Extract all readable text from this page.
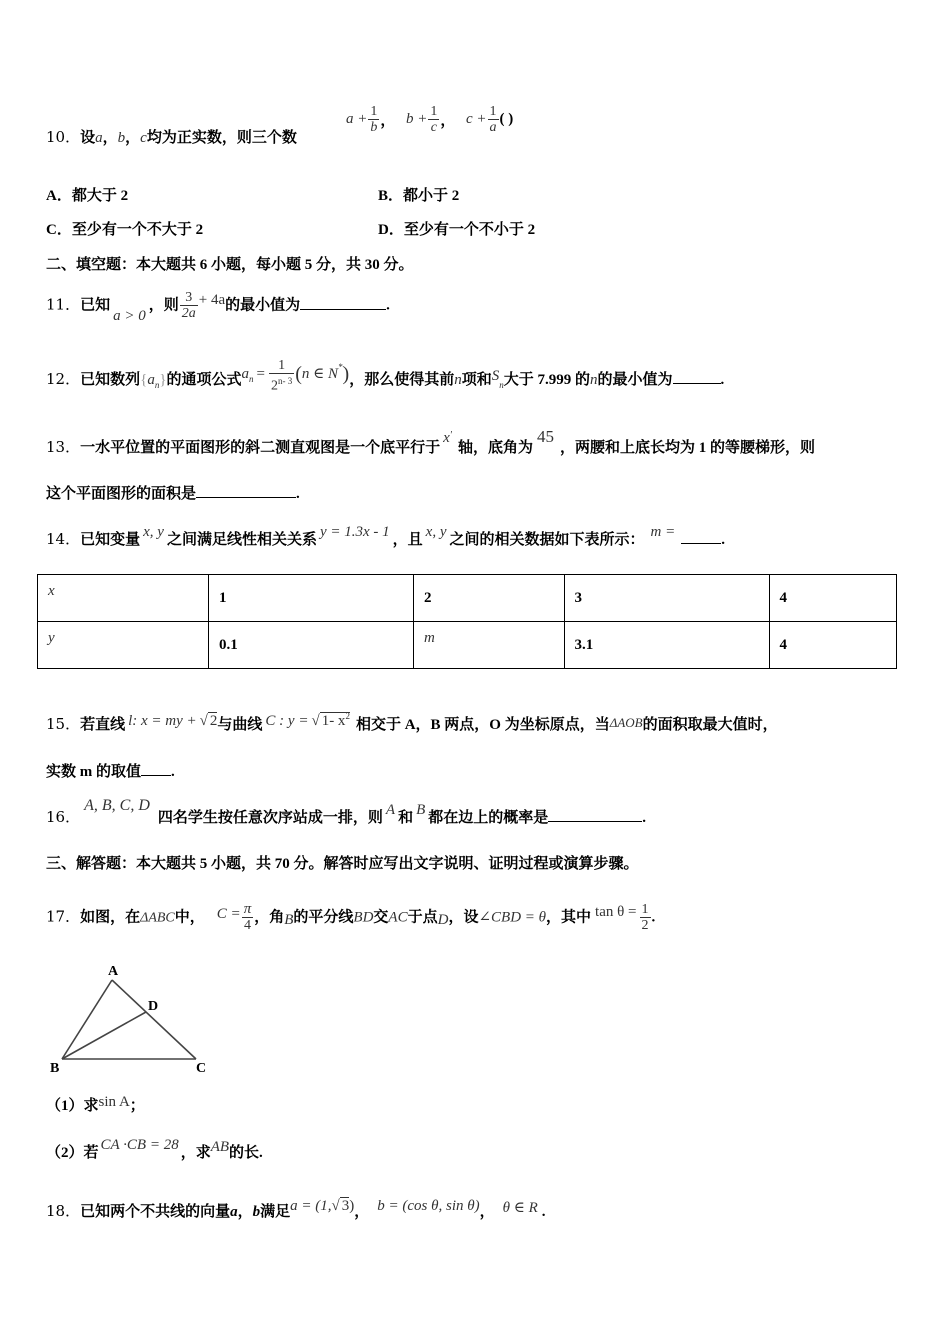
10．设a，b，c均为正实数，则三个数
$a + \frac{1}{b}$ ， $b + \frac{1}{c}$ ， $c + \frac{1}{a}$ ( )
A．都大于 2	B．都小于 2
C．至少有一个不大于 2	D．至少有一个不小于 2
二、填空题：本大题共 6 小题，每小题 5 分，共 30 分。
11．已知a > 0，则 $\frac{3}{2a} + 4a$的最小值为	.
12．已知数列$\{a_n\}$的通项公式$a_n = \frac{1}{2^{n- 3}} (n$ ∈ N*)，那么使得其前n项和$S_n$大于 7.999 的n的最小值为	.
13．一水平位置的平面图形的斜二测直观图是一个底平行于x′轴，底角为45，两腰和上底长均为 1 的等腰梯形，则
这个平面图形的面积是	.
14．已知变量 x, y 之间满足线性相关关系 y = 1.3x - 1 ，且 x, y 之间的相关数据如下表所示： m =	.
x	1	2	3	4
y	0.1	m	3.1	4
15．若直线 l: x = my + √ 2与曲线 C : y = √ 1- $x^2$相交于 A，B 两点，O 为坐标原点，当ΔAOB的面积取最大值时，
实数 m 的取值 .
16．A, B, C, D四名学生按任意次序站成一排，则 A 和 B 都在边上的概率是	.
三、解答题：本大题共 5 小题，共 70 分。解答时应写出文字说明、证明过程或演算步骤。
17．如图，在ΔABC中， $C = \frac{\pi}{4}$ ，角B的平分线BD交AC于点D，设∠CBD = θ，其中 $\tan \theta = \frac{1}{2}$ .
A
D
B	C
（1）求sin A；
（2）若 CA ·CB = 28 ，求AB的长.
18．已知两个不共线的向量a，b满足a = (1,√ 3)， b = (cos θ, sin θ)， θ ∈ R .
